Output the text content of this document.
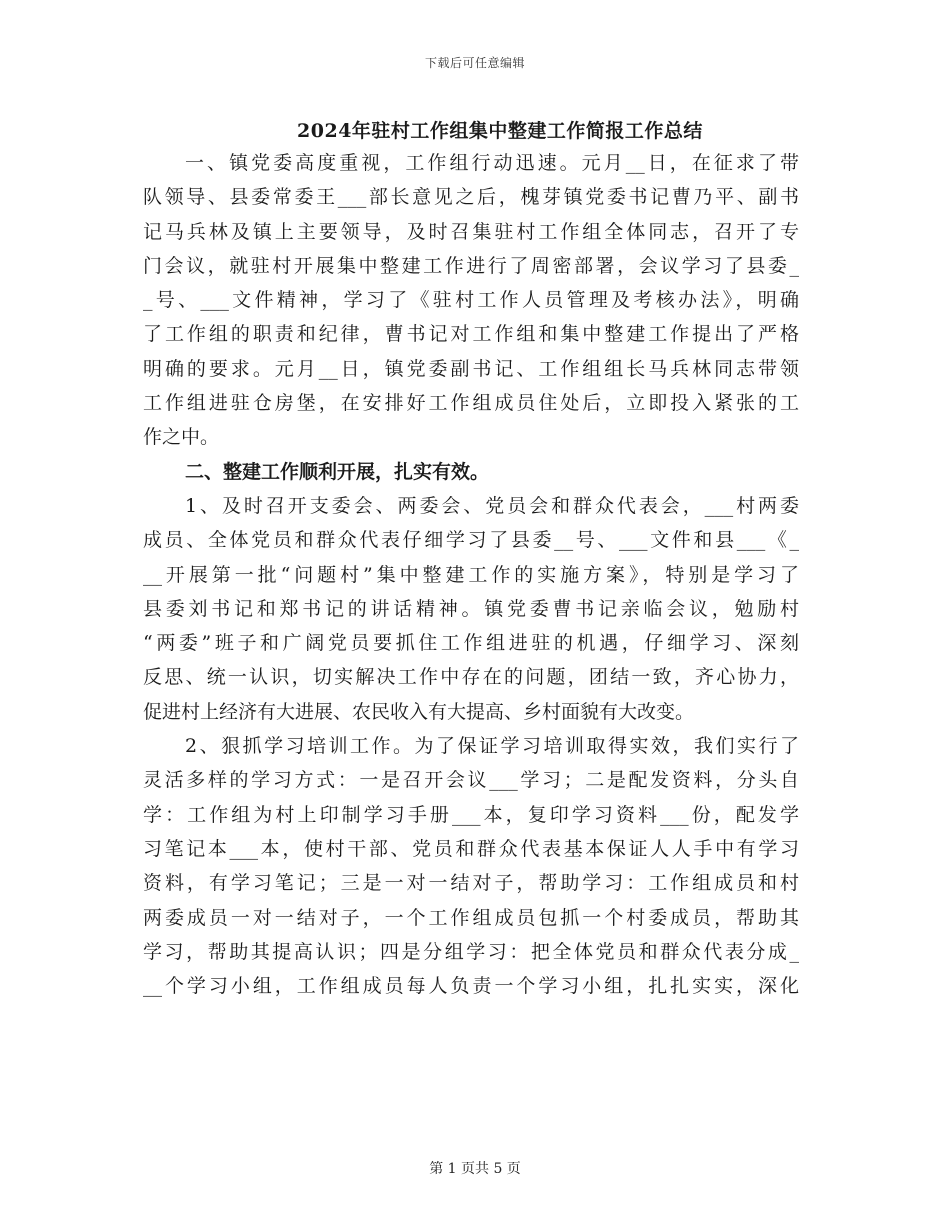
下载后可任意编辑
2024年驻村工作组集中整建工作简报工作总结
一、镇党委高度重视，工作组行动迅速。元月__日，在征求了带
队领导、县委常委王___部长意见之后，槐芽镇党委书记曹乃平、副书
记马兵林及镇上主要领导，及时召集驻村工作组全体同志，召开了专
门会议，就驻村开展集中整建工作进行了周密部署，会议学习了县委_
_号、___文件精神，学习了《驻村工作人员管理及考核办法》，明确
了工作组的职责和纪律，曹书记对工作组和集中整建工作提出了严格
明确的要求。元月__日，镇党委副书记、工作组组长马兵林同志带领
工作组进驻仓房堡，在安排好工作组成员住处后，立即投入紧张的工
作之中。
二、整建工作顺利开展，扎实有效。
1、及时召开支委会、两委会、党员会和群众代表会，___村两委
成员、全体党员和群众代表仔细学习了县委__号、___文件和县___《_
__开展第一批“问题村”集中整建工作的实施方案》，特别是学习了
县委刘书记和郑书记的讲话精神。镇党委曹书记亲临会议，勉励村
“两委”班子和广阔党员要抓住工作组进驻的机遇，仔细学习、深刻
反思、统一认识，切实解决工作中存在的问题，团结一致，齐心协力，
促进村上经济有大进展、农民收入有大提高、乡村面貌有大改变。
2、狠抓学习培训工作。为了保证学习培训取得实效，我们实行了
灵活多样的学习方式：一是召开会议___学习；二是配发资料，分头自
学：工作组为村上印制学习手册___本，复印学习资料___份，配发学
习笔记本___本，使村干部、党员和群众代表基本保证人人手中有学习
资料，有学习笔记；三是一对一结对子，帮助学习：工作组成员和村
两委成员一对一结对子，一个工作组成员包抓一个村委成员，帮助其
学习，帮助其提高认识；四是分组学习：把全体党员和群众代表分成_
__个学习小组，工作组成员每人负责一个学习小组，扎扎实实，深化
第 1 页共 5 页
